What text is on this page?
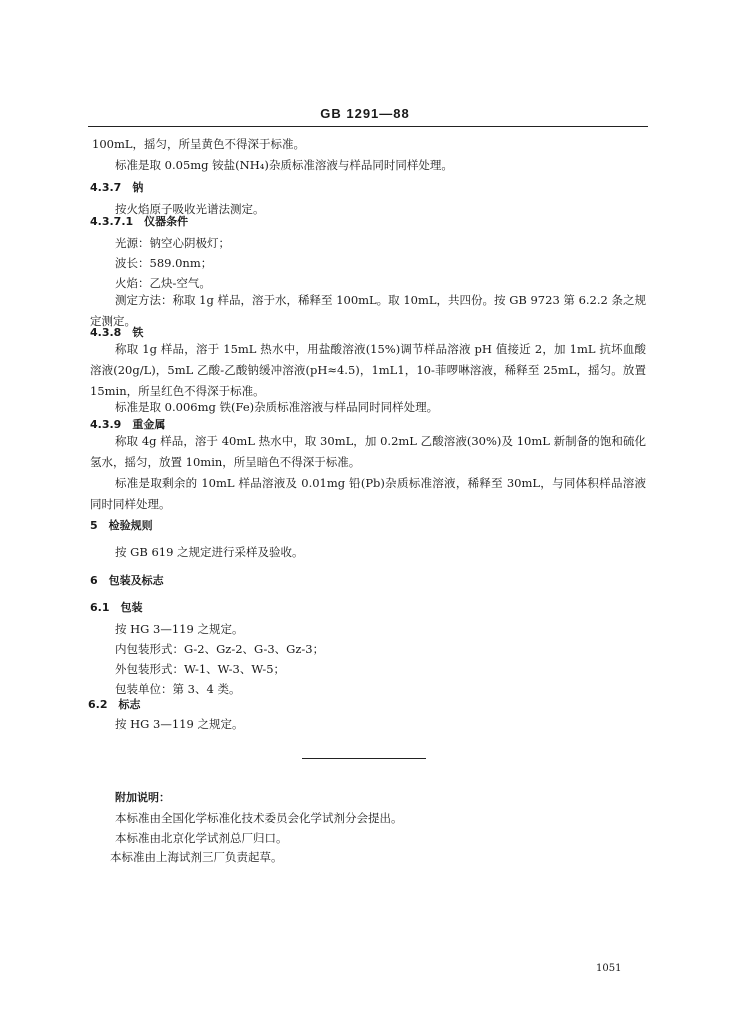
GB 1291—88
100mL，摇匀，所呈黄色不得深于标准。
标准是取 0.05mg 铵盐(NH₄)杂质标准溶液与样品同时同样处理。
4.3.7　钠
按火焰原子吸收光谱法测定。
4.3.7.1　仪器条件
光源：钠空心阴极灯；
波长：589.0nm；
火焰：乙炔-空气。
测定方法：称取 1g 样品，溶于水，稀释至 100mL。取 10mL，共四份。按 GB 9723 第 6.2.2 条之规定测定。
4.3.8　铁
称取 1g 样品，溶于 15mL 热水中，用盐酸溶液(15%)调节样品溶液 pH 值接近 2，加 1mL 抗坏血酸溶液(20g/L)，5mL 乙酸-乙酸钠缓冲溶液(pH≈4.5)，1mL1，10-菲啰啉溶液，稀释至 25mL，摇匀。放置 15min，所呈红色不得深于标准。
标准是取 0.006mg 铁(Fe)杂质标准溶液与样品同时同样处理。
4.3.9　重金属
称取 4g 样品，溶于 40mL 热水中，取 30mL，加 0.2mL 乙酸溶液(30%)及 10mL 新制备的饱和硫化氢水，摇匀，放置 10min，所呈暗色不得深于标准。
标准是取剩余的 10mL 样品溶液及 0.01mg 铅(Pb)杂质标准溶液，稀释至 30mL，与同体积样品溶液同时同样处理。
5　检验规则
按 GB 619 之规定进行采样及验收。
6　包装及标志
6.1　包装
按 HG 3—119 之规定。
内包装形式：G-2、Gz-2、G-3、Gz-3；
外包装形式：W-1、W-3、W-5；
包装单位：第 3、4 类。
6.2　标志
按 HG 3—119 之规定。
附加说明：
本标准由全国化学标准化技术委员会化学试剂分会提出。
本标准由北京化学试剂总厂归口。
本标准由上海试剂三厂负责起草。
1051
